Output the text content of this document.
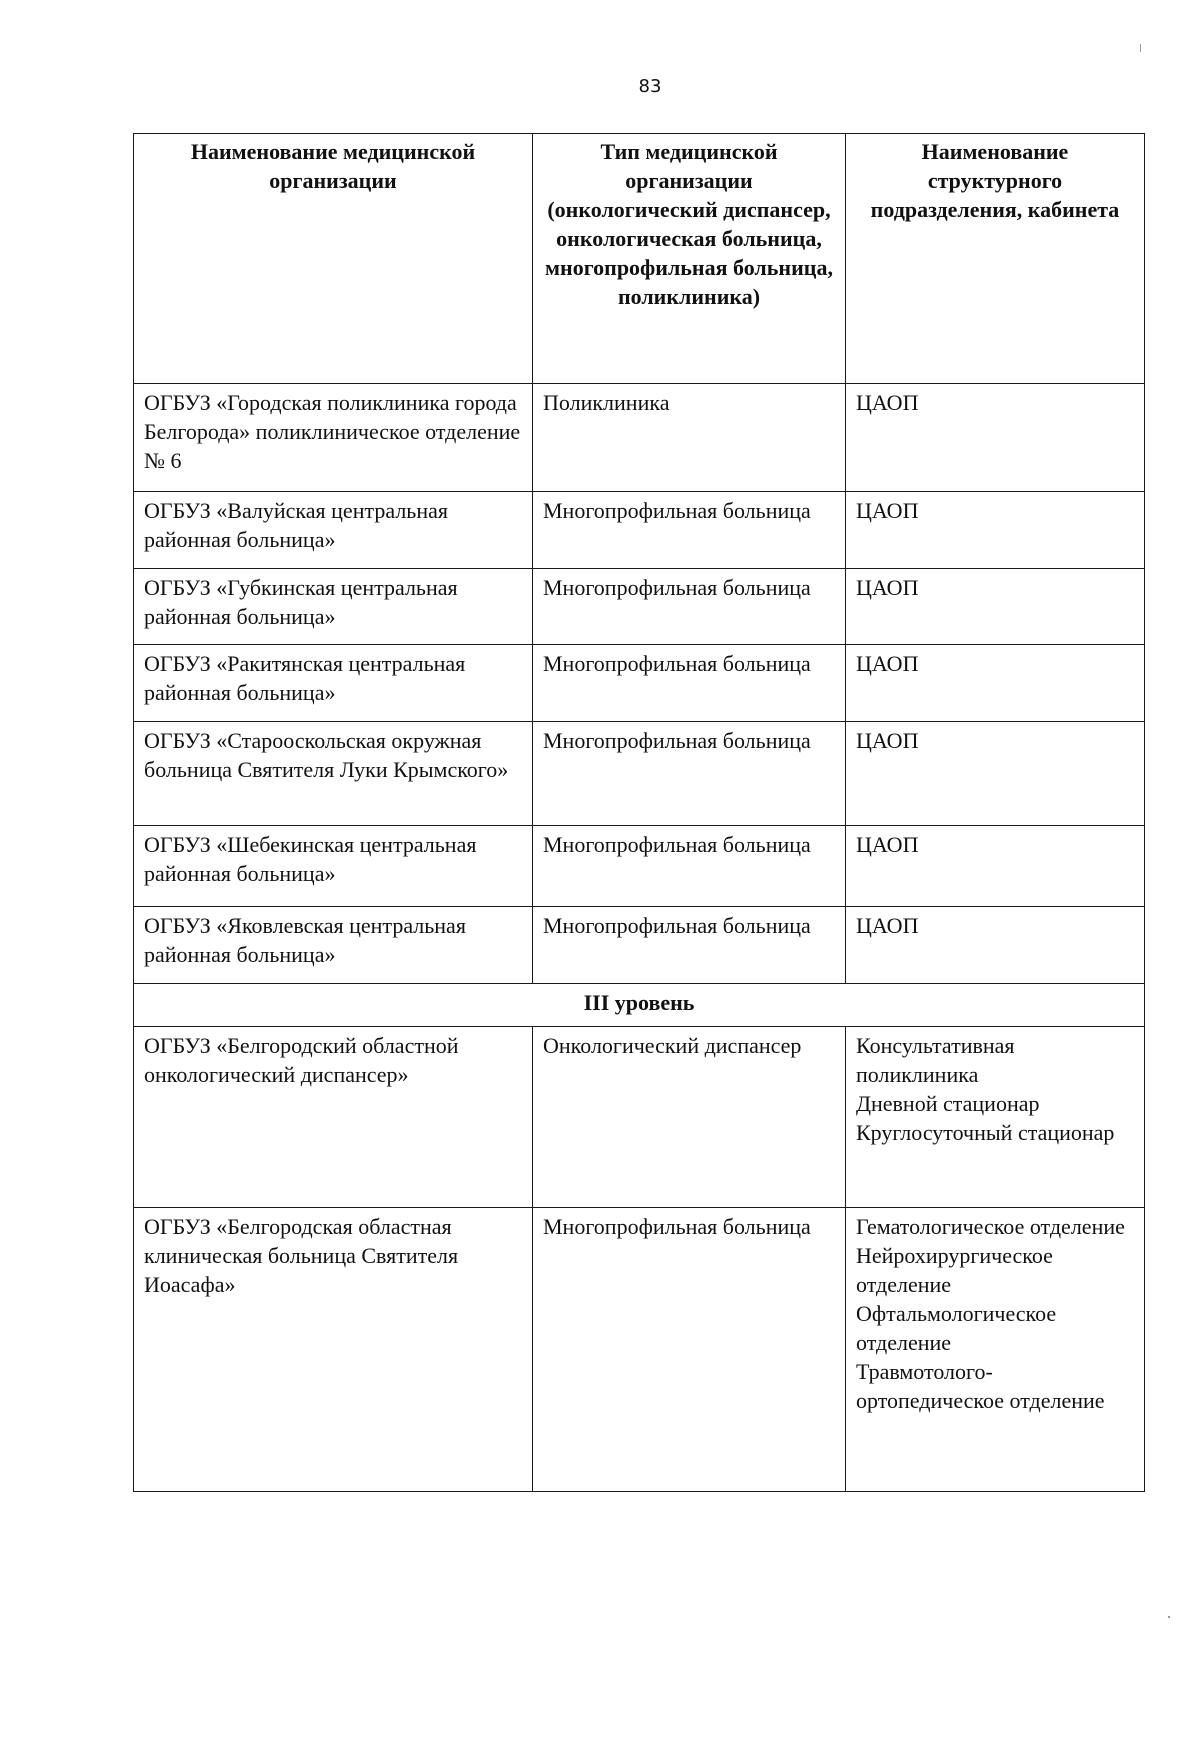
83
Наименование медицинской организации	Тип медицинской организации (онкологический диспансер, онкологическая больница, многопрофильная больница, поликлиника)	Наименование структурного подразделения, кабинета
ОГБУЗ «Городская поликлиника города Белгорода» поликлиническое отделение № 6	Поликлиника	ЦАОП
ОГБУЗ «Валуйская центральная районная больница»	Многопрофильная больница	ЦАОП
ОГБУЗ «Губкинская центральная районная больница»	Многопрофильная больница	ЦАОП
ОГБУЗ «Ракитянская центральная районная больница»	Многопрофильная больница	ЦАОП
ОГБУЗ «Старооскольская окружная больница Святителя Луки Крымского»	Многопрофильная больница	ЦАОП
ОГБУЗ «Шебекинская центральная районная больница»	Многопрофильная больница	ЦАОП
ОГБУЗ «Яковлевская центральная районная больница»	Многопрофильная больница	ЦАОП
III уровень		
ОГБУЗ «Белгородский областной онкологический диспансер»	Онкологический диспансер	Консультативная поликлиника
Дневной стационар
Круглосуточный стационар

ОГБУЗ «Белгородская областная клиническая больница Святителя Иоасафа»	Многопрофильная больница	Гематологическое отделение
Нейрохирургическое отделение
Офтальмологическое отделение
Травмотолого-ортопедическое отделение
